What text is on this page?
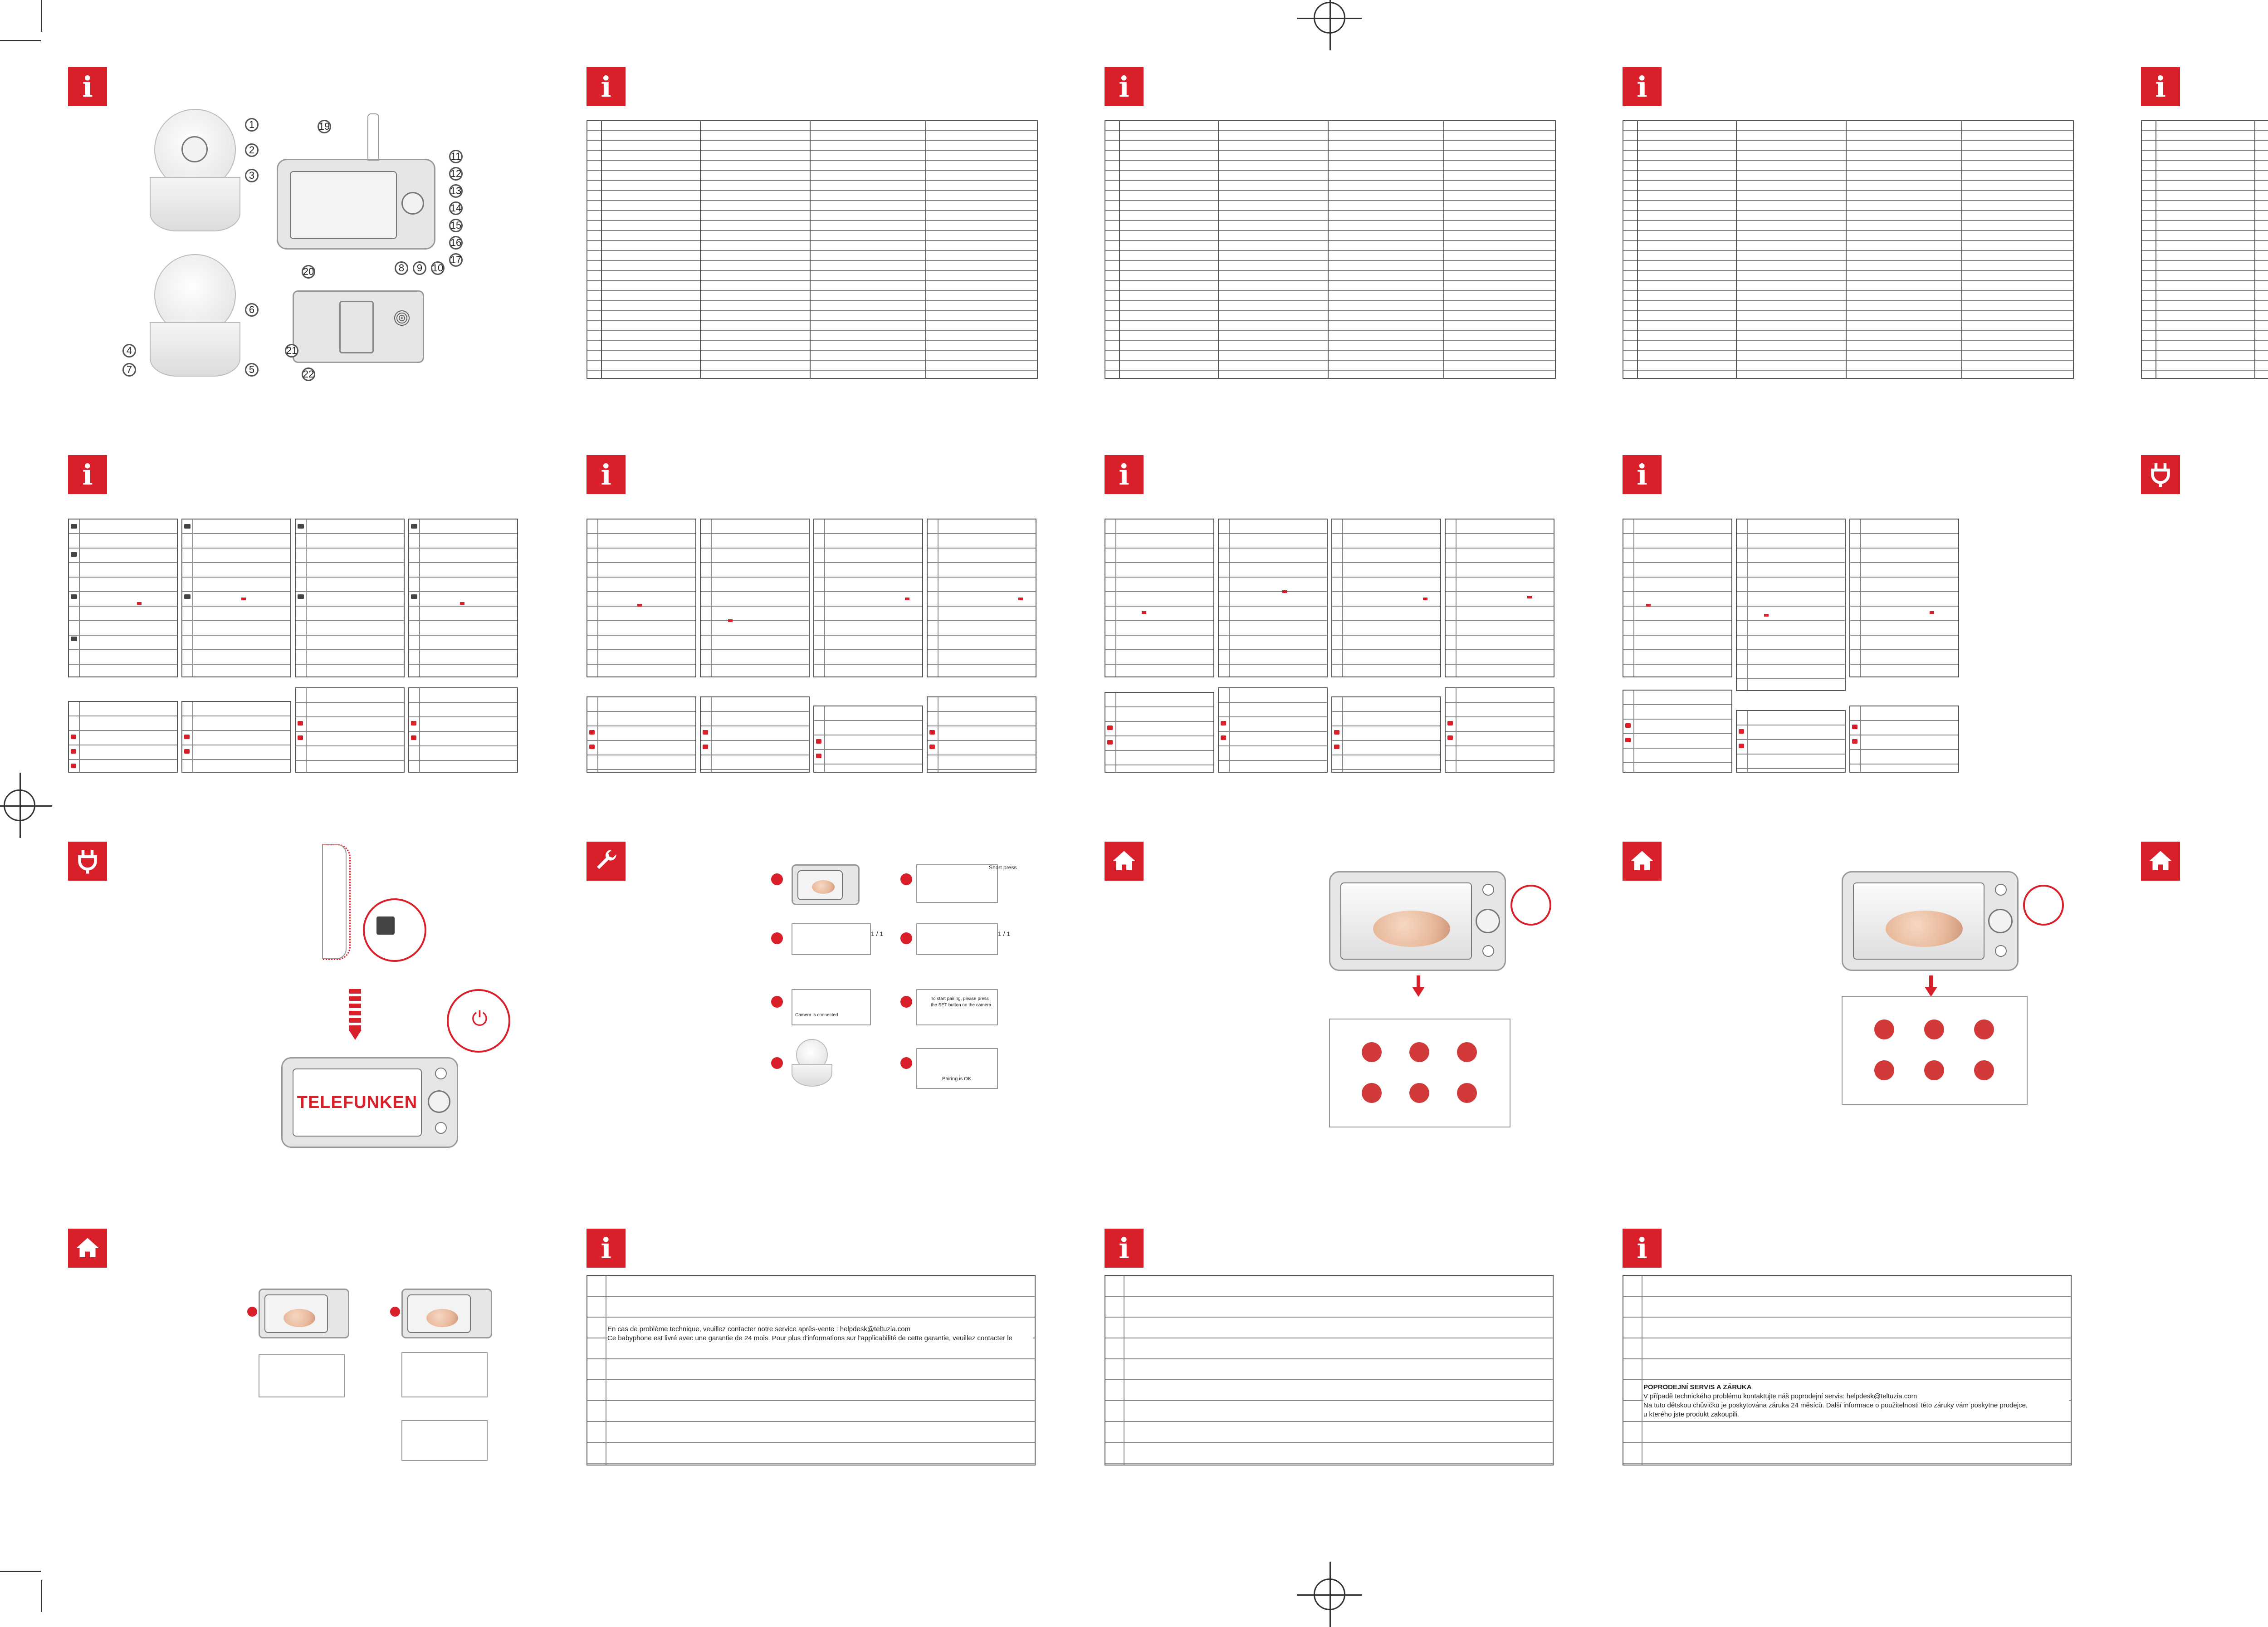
i
1
2
3
6
4
7	5
19
11
12
13
14
15
16
17
8	9 10
20
21
22
i	i	i	i
i	i	i	i
TELEFUNKEN
⏻
1 / 1
Camera is connected
Short press
1 / 1
To start pairing, please press
the SET button on the camera
Pairing is OK
i
En cas de problème technique, veuillez contacter notre service après-vente : helpdesk@teltuzia.com
Ce babyphone est livré avec une garantie de 24 mois. Pour plus d'informations sur l'applicabilité de cette garantie, veuillez contacter le
i	i
POPRODEJNÍ SERVIS A ZÁRUKA
V případě technického problému kontaktujte náš poprodejní servis: helpdesk@teltuzia.com
Na tuto dětskou chůvičku je poskytována záruka 24 měsíců. Další informace o použitelnosti této záruky vám poskytne prodejce,
u kterého jste produkt zakoupili.
